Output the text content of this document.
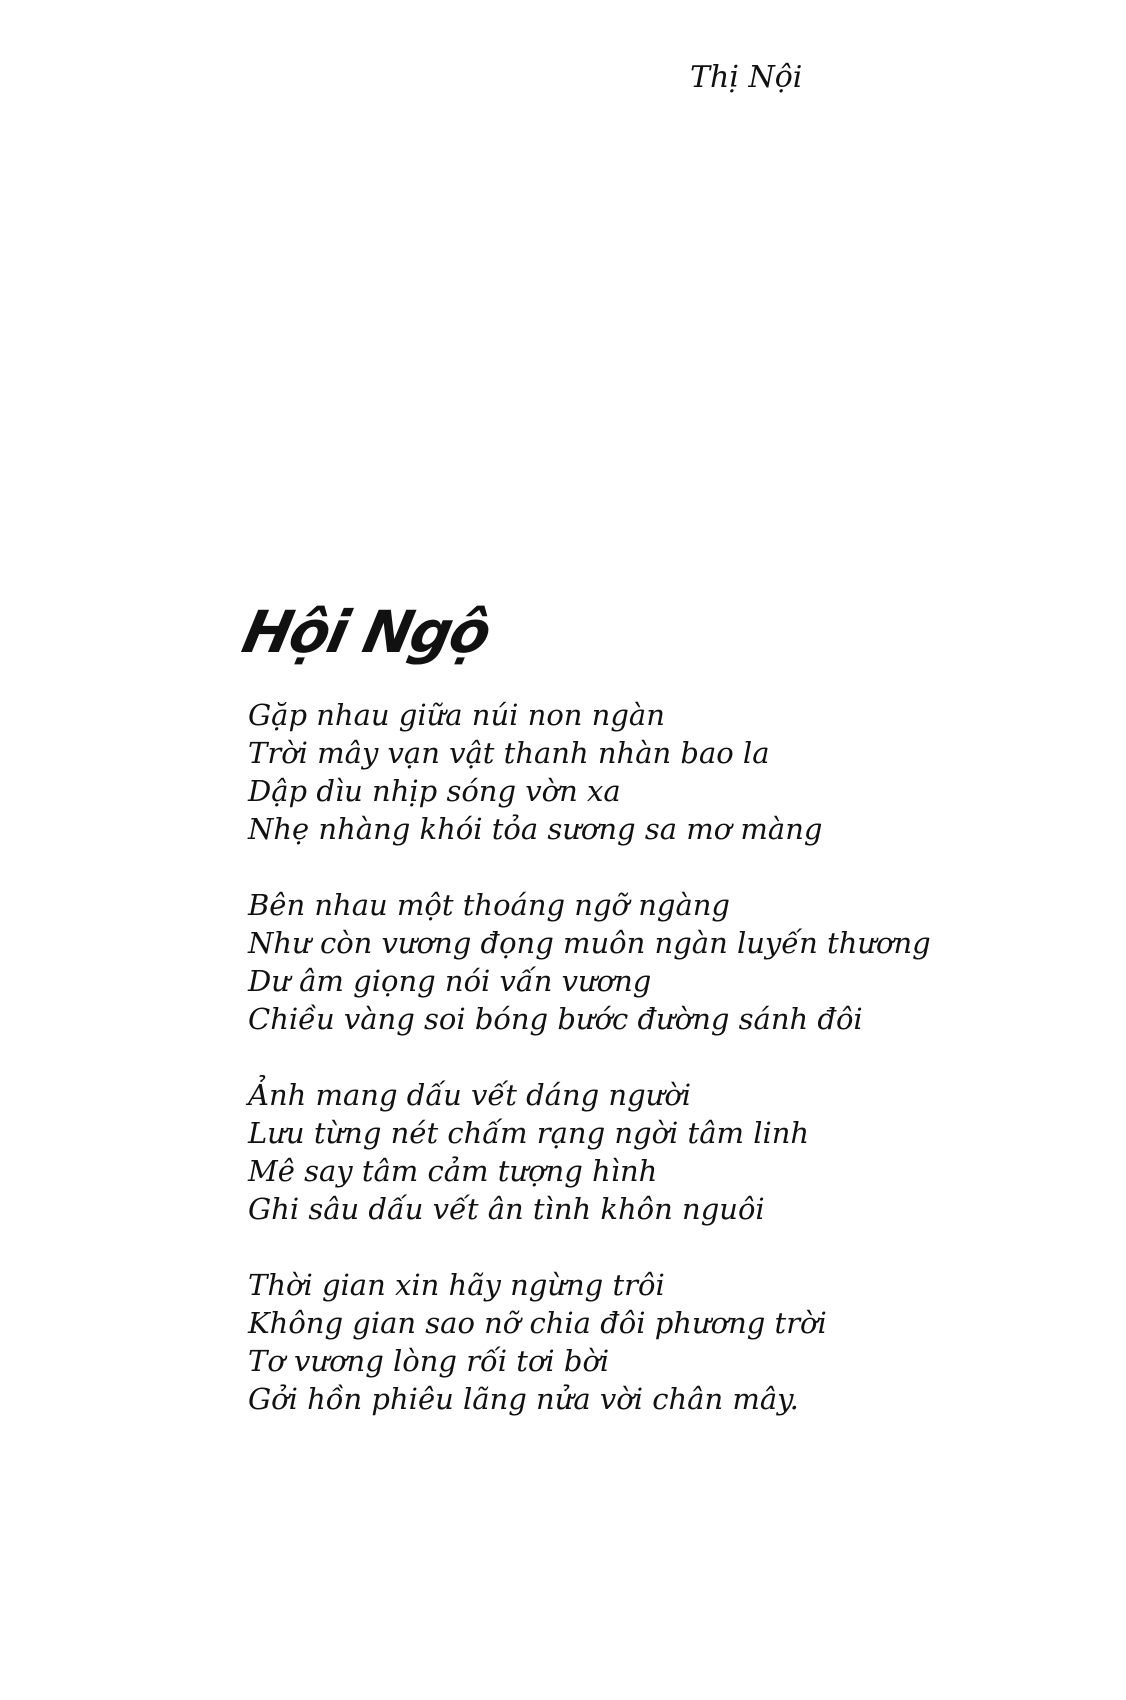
Thị Nội
Hội Ngộ
Gặp nhau giữa núi non ngàn
Trời mây vạn vật thanh nhàn bao la
Dập dìu nhịp sóng vờn xa
Nhẹ nhàng khói tỏa sương sa mơ màng
Bên nhau một thoáng ngỡ ngàng
Như còn vương đọng muôn ngàn luyến thương
Dư âm giọng nói vấn vương
Chiều vàng soi bóng bước đường sánh đôi
Ảnh mang dấu vết dáng người
Lưu từng nét chấm rạng ngời tâm linh
Mê say tâm cảm tượng hình
Ghi sâu dấu vết ân tình khôn nguôi
Thời gian xin hãy ngừng trôi
Không gian sao nỡ chia đôi phương trời
Tơ vương lòng rối tơi bời
Gởi hồn phiêu lãng nửa vời chân mây.
